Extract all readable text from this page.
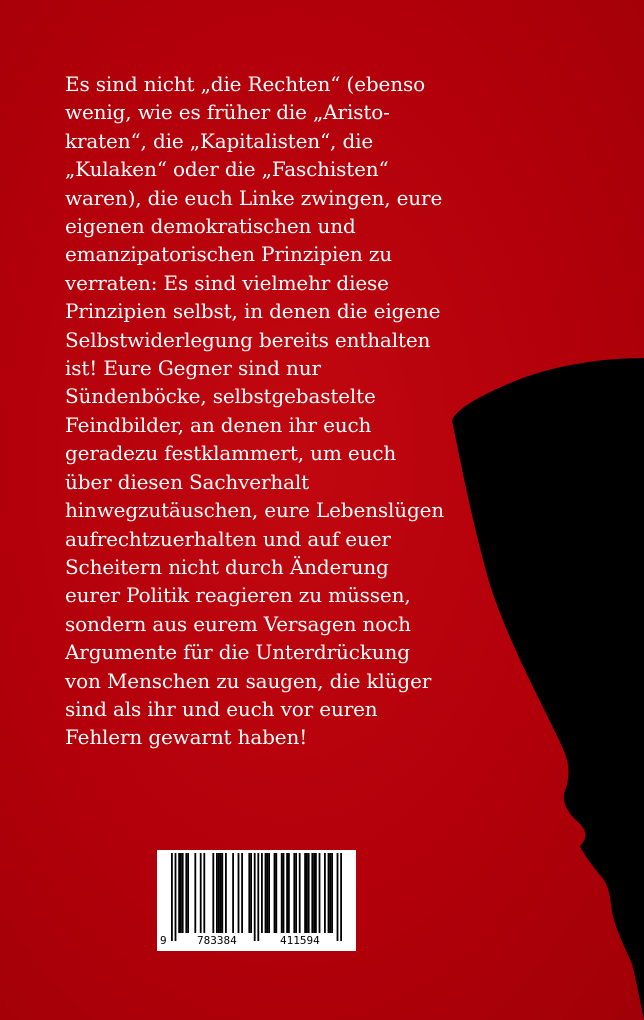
Es sind nicht „die Rechten“ (ebenso
wenig, wie es früher die „Aristo-
kraten“, die „Kapitalisten“, die
„Kulaken“ oder die „Faschisten“
waren), die euch Linke zwingen, eure
eigenen demokratischen und
emanzipatorischen Prinzipien zu
verraten: Es sind vielmehr diese
Prinzipien selbst, in denen die eigene
Selbstwiderlegung bereits enthalten
ist! Eure Gegner sind nur
Sündenböcke, selbstgebastelte
Feindbilder, an denen ihr euch
geradezu festklammert, um euch
über diesen Sachverhalt
hinwegzutäuschen, eure Lebenslügen
aufrechtzuerhalten und auf euer
Scheitern nicht durch Änderung
eurer Politik reagieren zu müssen,
sondern aus eurem Versagen noch
Argumente für die Unterdrückung
von Menschen zu saugen, die klüger
sind als ihr und euch vor euren
Fehlern gewarnt haben!

9	783384	411594
